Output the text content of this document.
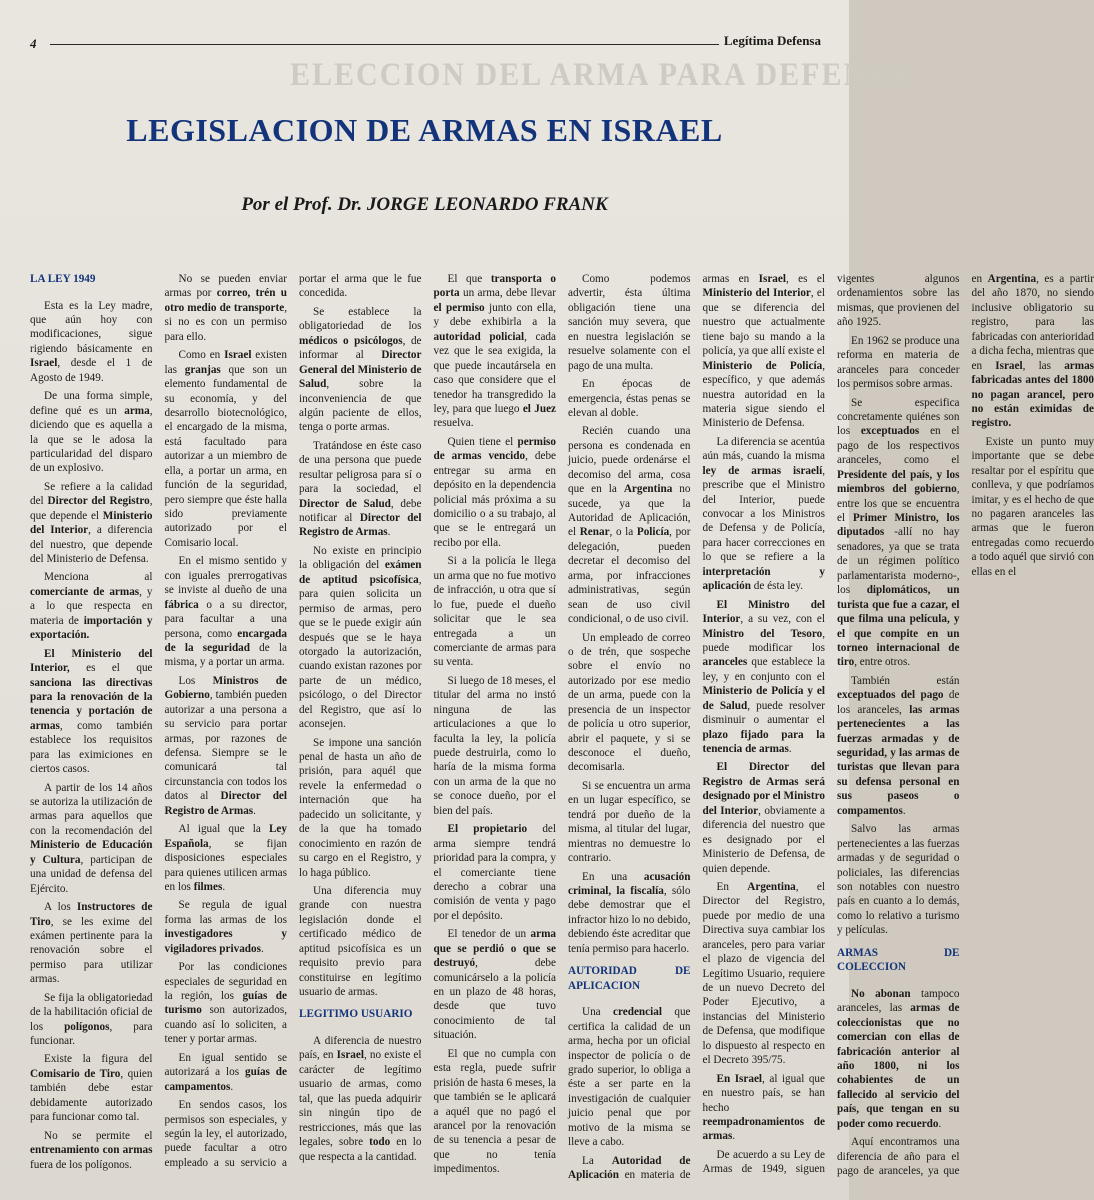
4	Legítima Defensa
ELECCION DEL ARMA PARA DEFENSA
LEGISLACION DE ARMAS EN ISRAEL
Por el Prof. Dr. JORGE LEONARDO FRANK
LA LEY 1949

Esta es la Ley madre, que aún hoy con modificaciones, sigue rigiendo básicamente en Israel, desde el 1 de Agosto de 1949.

De una forma simple, define qué es un arma, diciendo que es aquella a la que se le adosa la particularidad del disparo de un explosivo.

Se refiere a la calidad del Director del Registro, que depende el Ministerio del Interior, a diferencia del nuestro, que depende del Ministerio de Defensa.

Menciona al comerciante de armas, y a lo que respecta en materia de importación y exportación.

El Ministerio del Interior, es el que sanciona las directivas para la renovación de la tenencia y portación de armas, como también establece los requisitos para las eximiciones en ciertos casos.

A partir de los 14 años se autoriza la utilización de armas para aquellos que con la recomendación del Ministerio de Educación y Cultura, participan de una unidad de defensa del Ejército.

A los Instructores de Tiro, se les exime del exámen pertinente para la renovación sobre el permiso para utilizar armas.

Se fija la obligatoriedad de la habilitación oficial de los polígonos, para funcionar.

Existe la figura del Comisario de Tiro, quien también debe estar debidamente autorizado para funcionar como tal.

No se permite el entrenamiento con armas fuera de los polígonos.

No se pueden enviar armas por correo, trén u otro medio de transporte, si no es con un permiso para ello.

Como en Israel existen las granjas que son un elemento fundamental de su economía, y del desarrollo biotecnológico, el encargado de la misma, está facultado para autorizar a un miembro de ella, a portar un arma, en función de la seguridad, pero siempre que éste halla sido previamente autorizado por el Comisario local.

En el mismo sentido y con iguales prerrogativas se inviste al dueño de una fábrica o a su director, para facultar a una persona, como encargada de la seguridad de la misma, y a portar un arma.

Los Ministros de Gobierno, también pueden autorizar a una persona a su servicio para portar armas, por razones de defensa. Siempre se le comunicará tal circunstancia con todos los datos al Director del Registro de Armas.

Al igual que la Ley Española, se fijan disposiciones especiales para quienes utilicen armas en los filmes.

Se regula de igual forma las armas de los investigadores y vigiladores privados.

Por las condiciones especiales de seguridad en la región, los guías de turismo son autorizados, cuando así lo soliciten, a tener y portar armas.

En igual sentido se autorizará a los guías de campamentos.

En sendos casos, los permisos son especiales, y según la ley, el autorizado, puede facultar a otro empleado a su servicio a portar el arma que le fue concedida.

Se establece la obligatoriedad de los médicos o psicólogos, de informar al Director General del Ministerio de Salud, sobre la inconveniencia de que algún paciente de ellos, tenga o porte armas.

Tratándose en éste caso de una persona que puede resultar peligrosa para sí o para la sociedad, el Director de Salud, debe notificar al Director del Registro de Armas.

No existe en principio la obligación del exámen de aptitud psicofísica, para quien solicita un permiso de armas, pero que se le puede exigir aún después que se le haya otorgado la autorización, cuando existan razones por parte de un médico, psicólogo, o del Director del Registro, que así lo aconsejen.

Se impone una sanción penal de hasta un año de prisión, para aquél que revele la enfermedad o internación que ha padecido un solicitante, y de la que ha tomado conocimiento en razón de su cargo en el Registro, y lo haga público.

Una diferencia muy grande con nuestra legislación donde el certificado médico de aptitud psicofísica es un requisito previo para constituirse en legítimo usuario de armas.

LEGITIMO USUARIO

A diferencia de nuestro país, en Israel, no existe el carácter de legítimo usuario de armas, como tal, que las pueda adquirir sin ningún tipo de restricciones, más que las legales, sobre todo en lo que respecta a la cantidad.

El que transporta o porta un arma, debe llevar el permiso junto con ella, y debe exhibirla a la autoridad policial, cada vez que le sea exigida, la que puede incautársela en caso que considere que el tenedor ha transgredido la ley, para que luego el Juez resuelva.

Quien tiene el permiso de armas vencido, debe entregar su arma en depósito en la dependencia policial más próxima a su domicilio o a su trabajo, al que se le entregará un recibo por ella.

Si a la policía le llega un arma que no fue motivo de infracción, u otra que sí lo fue, puede el dueño solicitar que le sea entregada a un comerciante de armas para su venta.

Si luego de 18 meses, el titular del arma no instó ninguna de las articulaciones a que lo faculta la ley, la policía puede destruirla, como lo haría de la misma forma con un arma de la que no se conoce dueño, por el bien del país.

El propietario del arma siempre tendrá prioridad para la compra, y el comerciante tiene derecho a cobrar una comisión de venta y pago por el depósito.

El tenedor de un arma que se perdió o que se destruyó, debe comunicárselo a la policía en un plazo de 48 horas, desde que tuvo conocimiento de tal situación.

El que no cumpla con esta regla, puede sufrir prisión de hasta 6 meses, la que también se le aplicará a aquél que no pagó el arancel por la renovación de su tenencia a pesar de que no tenía impedimentos.

Como podemos advertir, ésta última obligación tiene una sanción muy severa, que en nuestra legislación se resuelve solamente con el pago de una multa.

En épocas de emergencia, éstas penas se elevan al doble.

Recién cuando una persona es condenada en juicio, puede ordenárse el decomiso del arma, cosa que en la Argentina no sucede, ya que la Autoridad de Aplicación, el Renar, o la Policía, por delegación, pueden decretar el decomiso del arma, por infracciones administrativas, según sean de uso civil condicional, o de uso civil.

Un empleado de correo o de trén, que sospeche sobre el envío no autorizado por ese medio de un arma, puede con la presencia de un inspector de policía u otro superior, abrir el paquete, y si se desconoce el dueño, decomisarla.

Si se encuentra un arma en un lugar específico, se tendrá por dueño de la misma, al titular del lugar, mientras no demuestre lo contrario.

En una acusación criminal, la fiscalía, sólo debe demostrar que el infractor hizo lo no debido, debiendo éste acreditar que tenía permiso para hacerlo.

AUTORIDAD DE APLICACION

Una credencial que certifica la calidad de un arma, hecha por un oficial inspector de policía o de grado superior, lo obliga a éste a ser parte en la investigación de cualquier juicio penal que por motivo de la misma se lleve a cabo.

La Autoridad de Aplicación en materia de armas en Israel, es el Ministerio del Interior, el que se diferencia del nuestro que actualmente tiene bajo su mando a la policía, ya que allí existe el Ministerio de Policía, específico, y que además nuestra autoridad en la materia sigue siendo el Ministerio de Defensa.

La diferencia se acentúa aún más, cuando la misma ley de armas israelí, prescribe que el Ministro del Interior, puede convocar a los Ministros de Defensa y de Policía, para hacer correcciones en lo que se refiere a la interpretación y aplicación de ésta ley.

El Ministro del Interior, a su vez, con el Ministro del Tesoro, puede modificar los aranceles que establece la ley, y en conjunto con el Ministerio de Policía y el de Salud, puede resolver disminuir o aumentar el plazo fijado para la tenencia de armas.

El Director del Registro de Armas será designado por el Ministro del Interior, obviamente a diferencia del nuestro que es designado por el Ministerio de Defensa, de quien depende.

En Argentina, el Director del Registro, puede por medio de una Directiva suya cambiar los aranceles, pero para variar el plazo de vigencia del Legítimo Usuario, requiere de un nuevo Decreto del Poder Ejecutivo, a instancias del Ministerio de Defensa, que modifique lo dispuesto al respecto en el Decreto 395/75.

En Israel, al igual que en nuestro país, se han hecho reempadronamientos de armas.

De acuerdo a su Ley de Armas de 1949, siguen vigentes algunos ordenamientos sobre las mismas, que provienen del año 1925.

En 1962 se produce una reforma en materia de aranceles para conceder los permisos sobre armas.

Se especifica concretamente quiénes son los exceptuados en el pago de los respectivos aranceles, como el Presidente del país, y los miembros del gobierno, entre los que se encuentra el Primer Ministro, los diputados -allí no hay senadores, ya que se trata de un régimen político parlamentarista moderno-, los diplomáticos, un turista que fue a cazar, el que filma una película, y el que compite en un torneo internacional de tiro, entre otros.

También están exceptuados del pago de los aranceles, las armas pertenecientes a las fuerzas armadas y de seguridad, y las armas de turistas que llevan para su defensa personal en sus paseos o compamentos.

Salvo las armas pertenecientes a las fuerzas armadas y de seguridad o policiales, las diferencias son notables con nuestro país en cuanto a lo demás, como lo relativo a turismo y películas.

ARMAS DE COLECCION

No abonan tampoco aranceles, las armas de coleccionistas que no comercian con ellas de fabricación anterior al año 1800, ni los cohabientes de un fallecido al servicio del país, que tengan en su poder como recuerdo.

Aquí encontramos una diferencia de año para el pago de aranceles, ya que en Argentina, es a partir del año 1870, no siendo inclusive obligatorio su registro, para las fabricadas con anterioridad a dicha fecha, mientras que en Israel, las armas fabricadas antes del 1800 no pagan arancel, pero no están eximidas de registro.

Existe un punto muy importante que se debe resaltar por el espíritu que conlleva, y que podríamos imitar, y es el hecho de que no pagaren aranceles las armas que le fueron entregadas como recuerdo a todo aquél que sirvió con ellas en el
